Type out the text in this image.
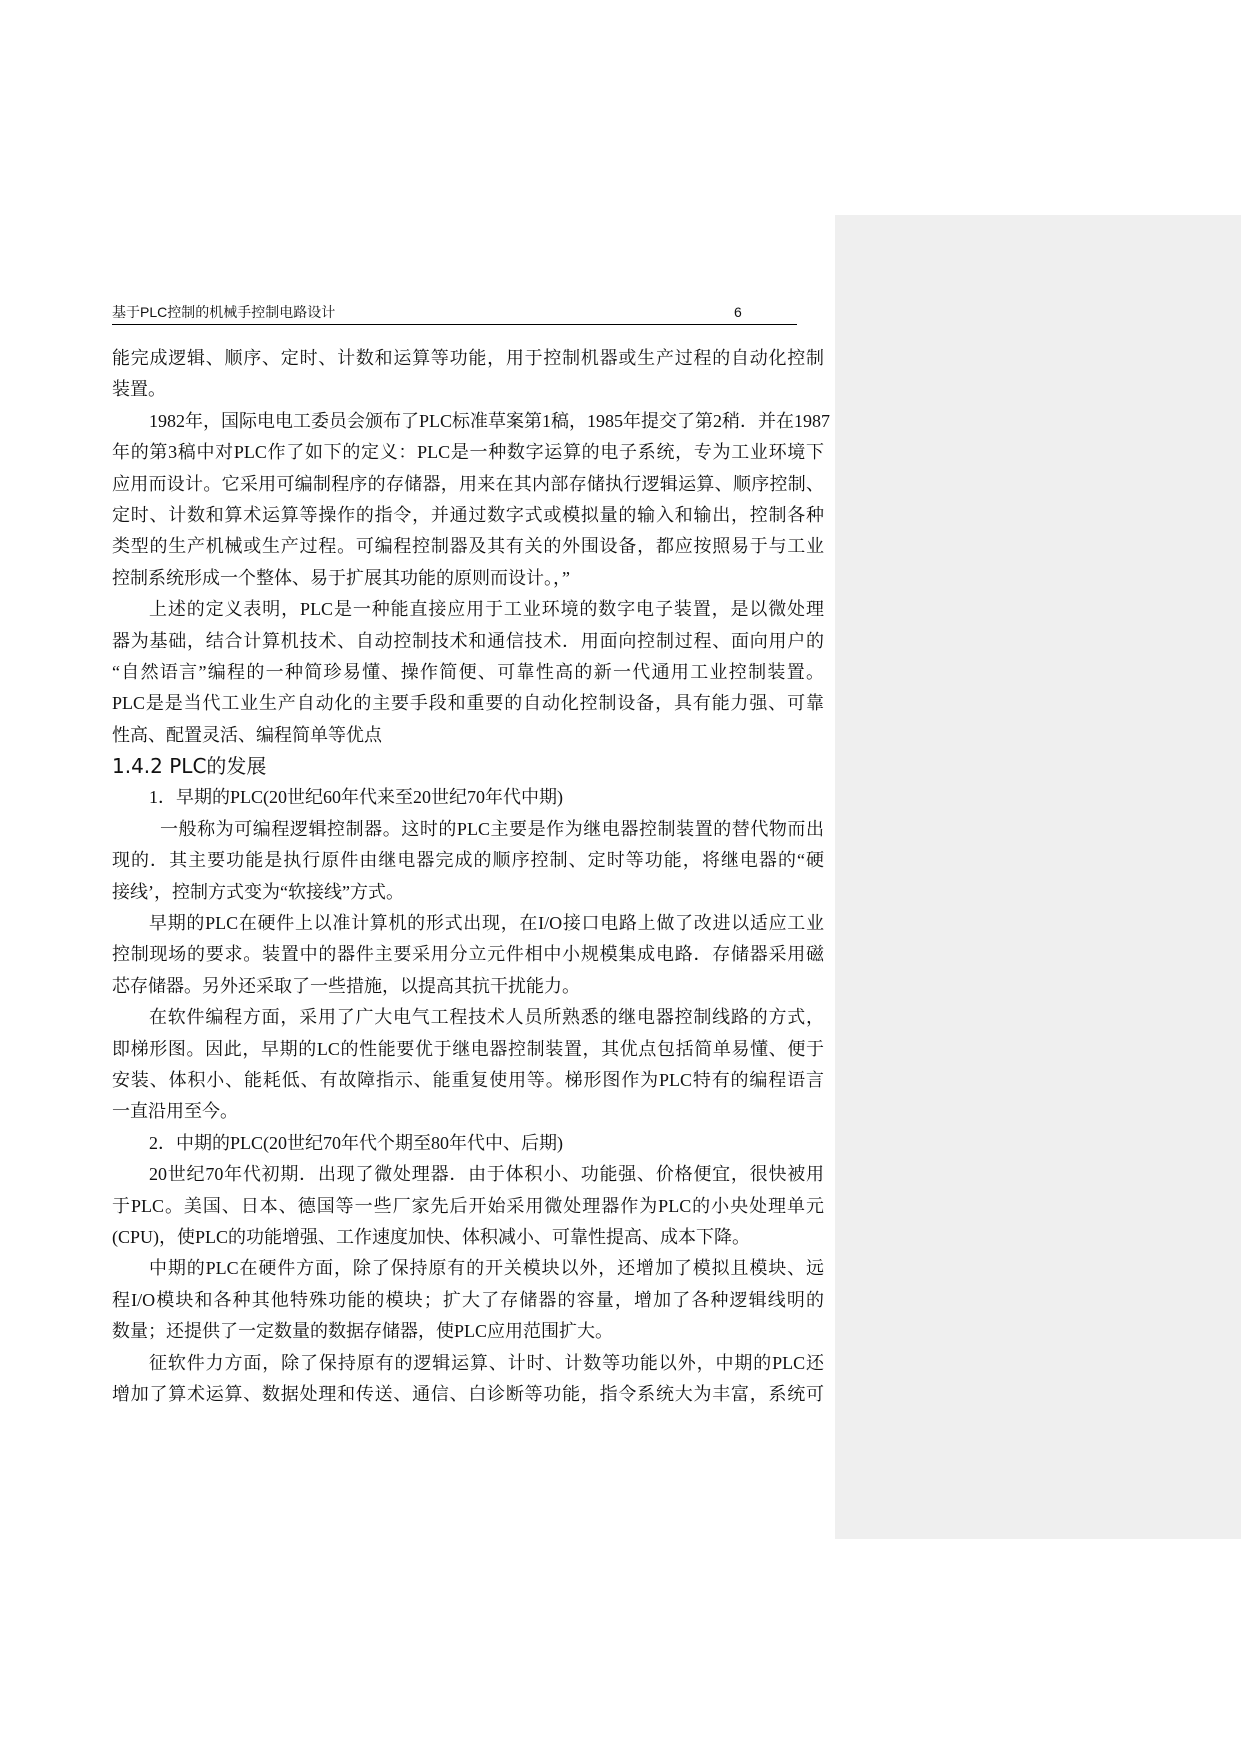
基于PLC控制的机械手控制电路设计	6
能完成逻辑、顺序、定时、计数和运算等功能，用于控制机器或生产过程的自动化控制
装置。
1982年，国际电电工委员会颁布了PLC标准草案第1稿，1985年提交了第2稍．并在1987
年的第3稿中对PLC作了如下的定义：PLC是一种数字运算的电子系统，专为工业环境下
应用而设计。它采用可编制程序的存储器，用来在其内部存储执行逻辑运算、顺序控制、
定时、计数和算术运算等操作的指令，并通过数字式或模拟量的输入和输出，控制各种
类型的生产机械或生产过程。可编程控制器及其有关的外围设备，都应按照易于与工业
控制系统形成一个整体、易于扩展其功能的原则而设计。，”
上述的定义表明，PLC是一种能直接应用于工业环境的数字电子装置，是以微处理
器为基础，结合计算机技术、自动控制技术和通信技术．用面向控制过程、面向用户的
“自然语言”编程的一种简珍易懂、操作简便、可靠性高的新一代通用工业控制装置。
PLC是是当代工业生产自动化的主要手段和重要的自动化控制设备，具有能力强、可靠
性高、配置灵活、编程简单等优点
1.4.2 PLC的发展
1．早期的PLC(20世纪60年代来至20世纪70年代中期)
一般称为可编程逻辑控制器。这时的PLC主要是作为继电器控制装置的替代物而出
现的．其主要功能是执行原件由继电器完成的顺序控制、定时等功能，将继电器的“硬
接线’，控制方式变为“软接线”方式。
早期的PLC在硬件上以准计算机的形式出现，在I/O接口电路上做了改进以适应工业
控制现场的要求。装置中的器件主要采用分立元件相中小规模集成电路．存储器采用磁
芯存储器。另外还采取了一些措施，以提高其抗干扰能力。
在软件编程方面，采用了广大电气工程技术人员所熟悉的继电器控制线路的方式，
即梯形图。因此，早期的LC的性能要优于继电器控制装置，其优点包括简单易懂、便于
安装、体积小、能耗低、有故障指示、能重复使用等。梯形图作为PLC特有的编程语言
一直沿用至今。
2．中期的PLC(20世纪70年代个期至80年代中、后期)
20世纪70年代初期．出现了微处理器．由于体积小、功能强、价格便宜，很快被用
于PLC。美国、日本、德国等一些厂家先后开始采用微处理器作为PLC的小央处理单元
(CPU)，使PLC的功能增强、工作速度加快、体积减小、可靠性提高、成本下降。
中期的PLC在硬件方面，除了保持原有的开关模块以外，还增加了模拟且模块、远
程I/O模块和各种其他特殊功能的模块；扩大了存储器的容量，增加了各种逻辑线明的
数量；还提供了一定数量的数据存储器，使PLC应用范围扩大。
征软件力方面，除了保持原有的逻辑运算、计时、计数等功能以外，中期的PLC还
增加了算术运算、数据处理和传送、通信、白诊断等功能，指令系统大为丰富，系统可
